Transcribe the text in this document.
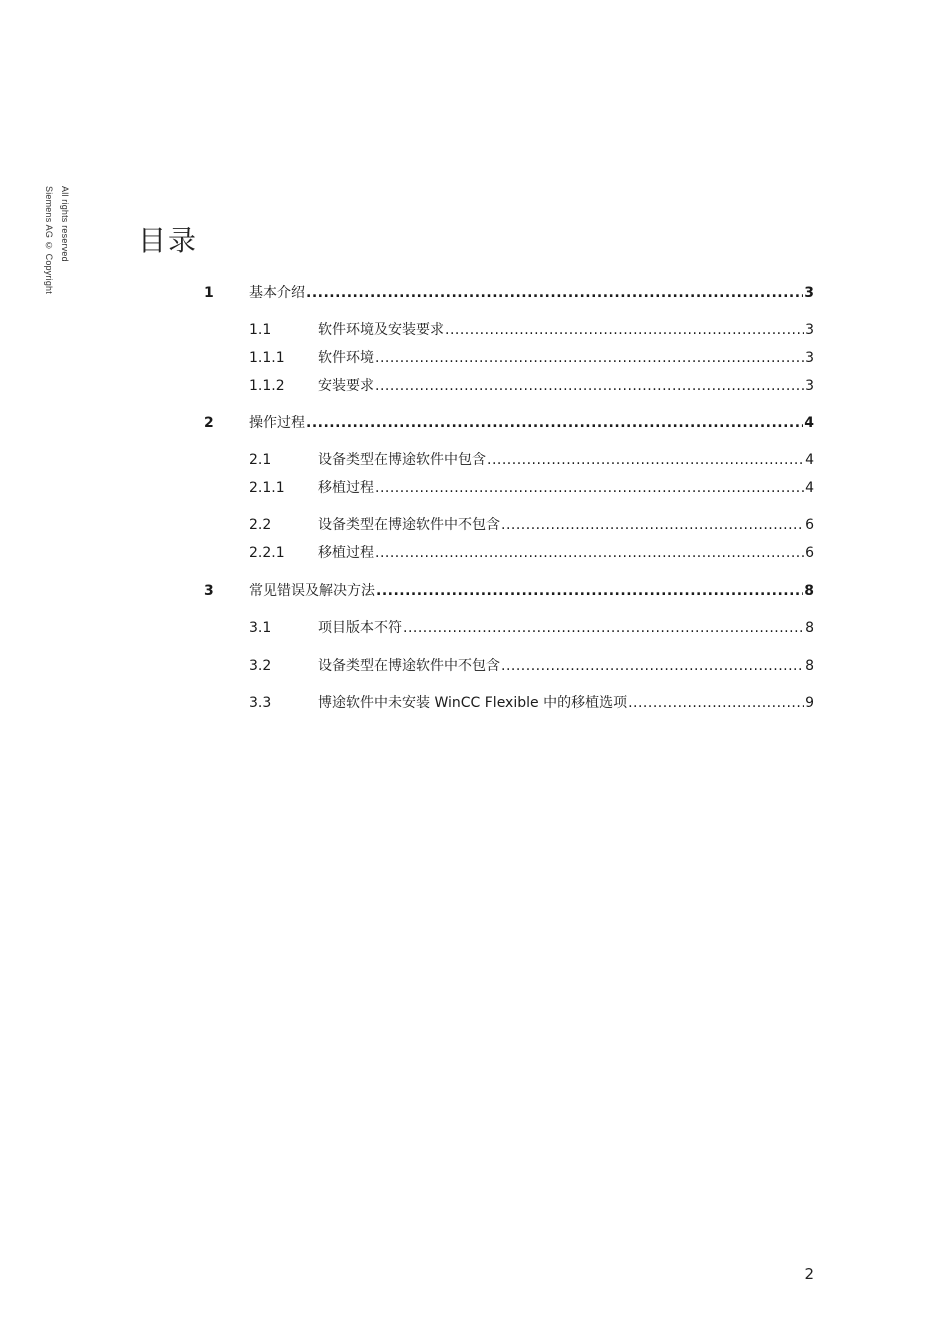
Siemens AG © Copyright All rights reserved 目录
1	基本介绍 .....	3
1.1	软件环境及安装要求 .....	3
1.1.1 软件环境 .....	3
1.1.2 安装要求 .....	3
2	操作过程 .....	4
2.1	设备类型在博途软件中包含 .....	4
2.1.1 移植过程 .....	4
2.2	设备类型在博途软件中不包含 .....	6
2.2.1 移植过程 .....	6
3	常见错误及解决方法 .....	8
3.1	项目版本不符 .....	8
3.2	设备类型在博途软件中不包含 .....	8
3.3	博途软件中未安装 WinCC Flexible 中的移植选项 .....	9
2
